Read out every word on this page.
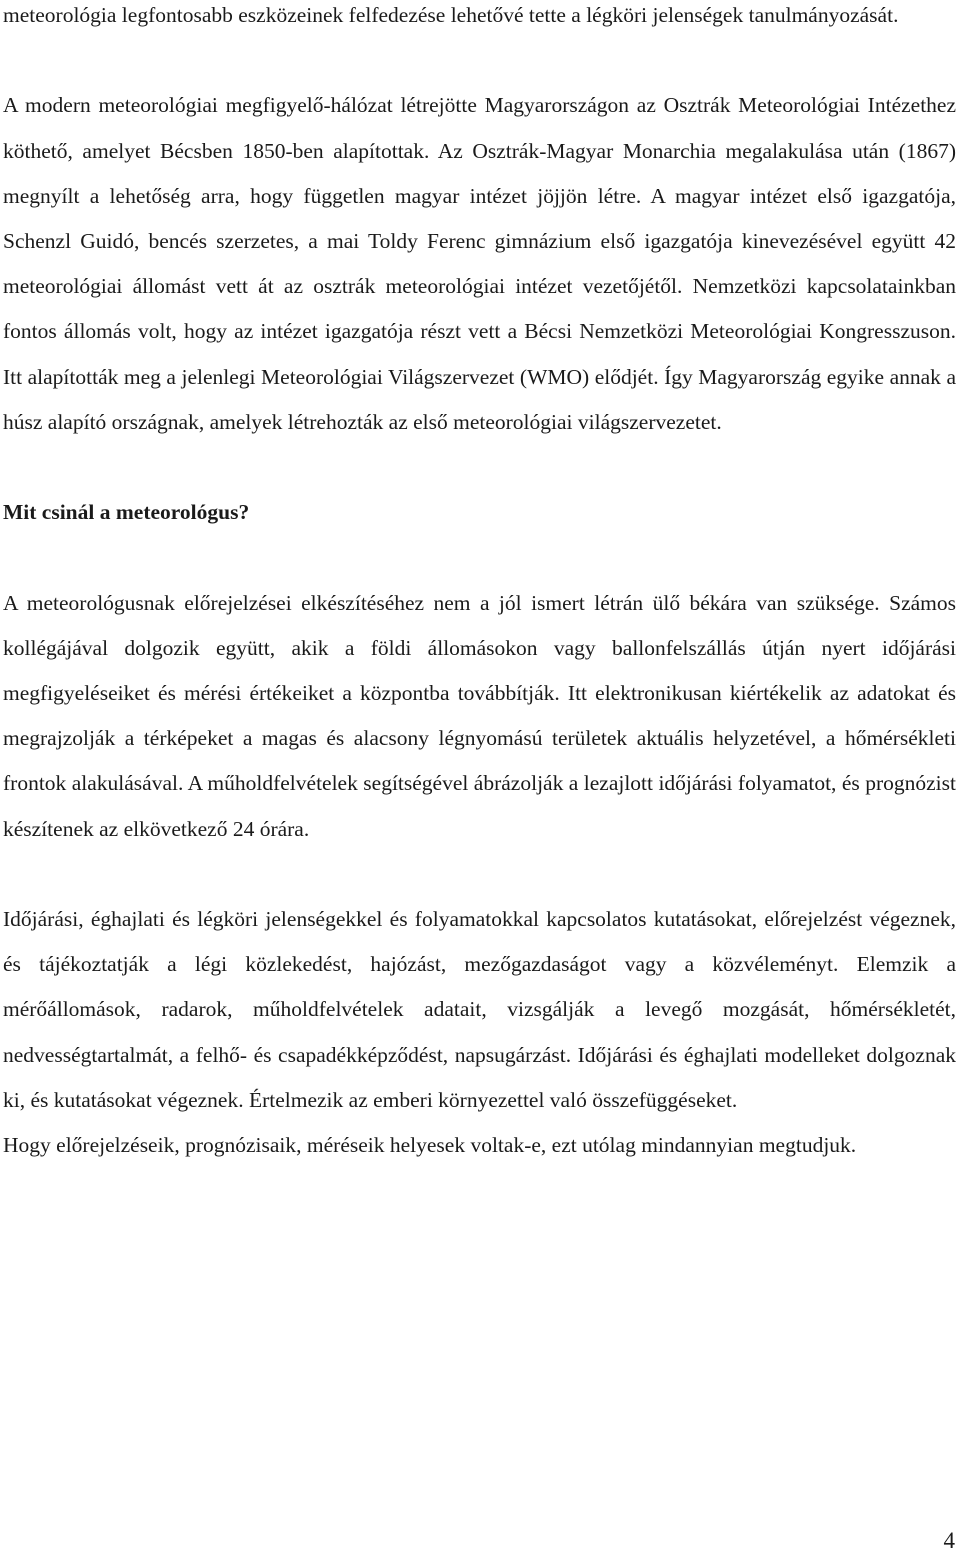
meteorológia legfontosabb eszközeinek felfedezése lehetővé tette a légköri jelenségek tanulmányozását.

A modern meteorológiai megfigyelő-hálózat létrejötte Magyarországon az Osztrák Meteorológiai Intézethez köthető, amelyet Bécsben 1850-ben alapítottak. Az Osztrák-Magyar Monarchia megalakulása után (1867) megnyílt a lehetőség arra, hogy független magyar intézet jöjjön létre. A magyar intézet első igazgatója, Schenzl Guidó, bencés szerzetes, a mai Toldy Ferenc gimnázium első igazgatója kinevezésével együtt 42 meteorológiai állomást vett át az osztrák meteorológiai intézet vezetőjétől. Nemzetközi kapcsolatainkban fontos állomás volt, hogy az intézet igazgatója részt vett a Bécsi Nemzetközi Meteorológiai Kongresszuson. Itt alapították meg a jelenlegi Meteorológiai Világszervezet (WMO) elődjét. Így Magyarország egyike annak a húsz alapító országnak, amelyek létrehozták az első meteorológiai világszervezetet.

Mit csinál a meteorológus?

A meteorológusnak előrejelzései elkészítéséhez nem a jól ismert létrán ülő békára van szüksége. Számos kollégájával dolgozik együtt, akik a földi állomásokon vagy ballonfelszállás útján nyert időjárási megfigyeléseiket és mérési értékeiket a központba továbbítják. Itt elektronikusan kiértékelik az adatokat és megrajzolják a térképeket a magas és alacsony légnyomású területek aktuális helyzetével, a hőmérsékleti frontok alakulásával. A műholdfelvételek segítségével ábrázolják a lezajlott időjárási folyamatot, és prognózist készítenek az elkövetkező 24 órára.

Időjárási, éghajlati és légköri jelenségekkel és folyamatokkal kapcsolatos kutatásokat, előrejelzést végeznek, és tájékoztatják a légi közlekedést, hajózást, mezőgazdaságot vagy a közvéleményt. Elemzik a mérőállomások, radarok, műholdfelvételek adatait, vizsgálják a levegő mozgását, hőmérsékletét, nedvességtartalmát, a felhő- és csapadékképződést, napsugárzást. Időjárási és éghajlati modelleket dolgoznak ki, és kutatásokat végeznek. Értelmezik az emberi környezettel való összefüggéseket.

Hogy előrejelzéseik, prognózisaik, méréseik helyesek voltak-e, ezt utólag mindannyian megtudjuk.

4
